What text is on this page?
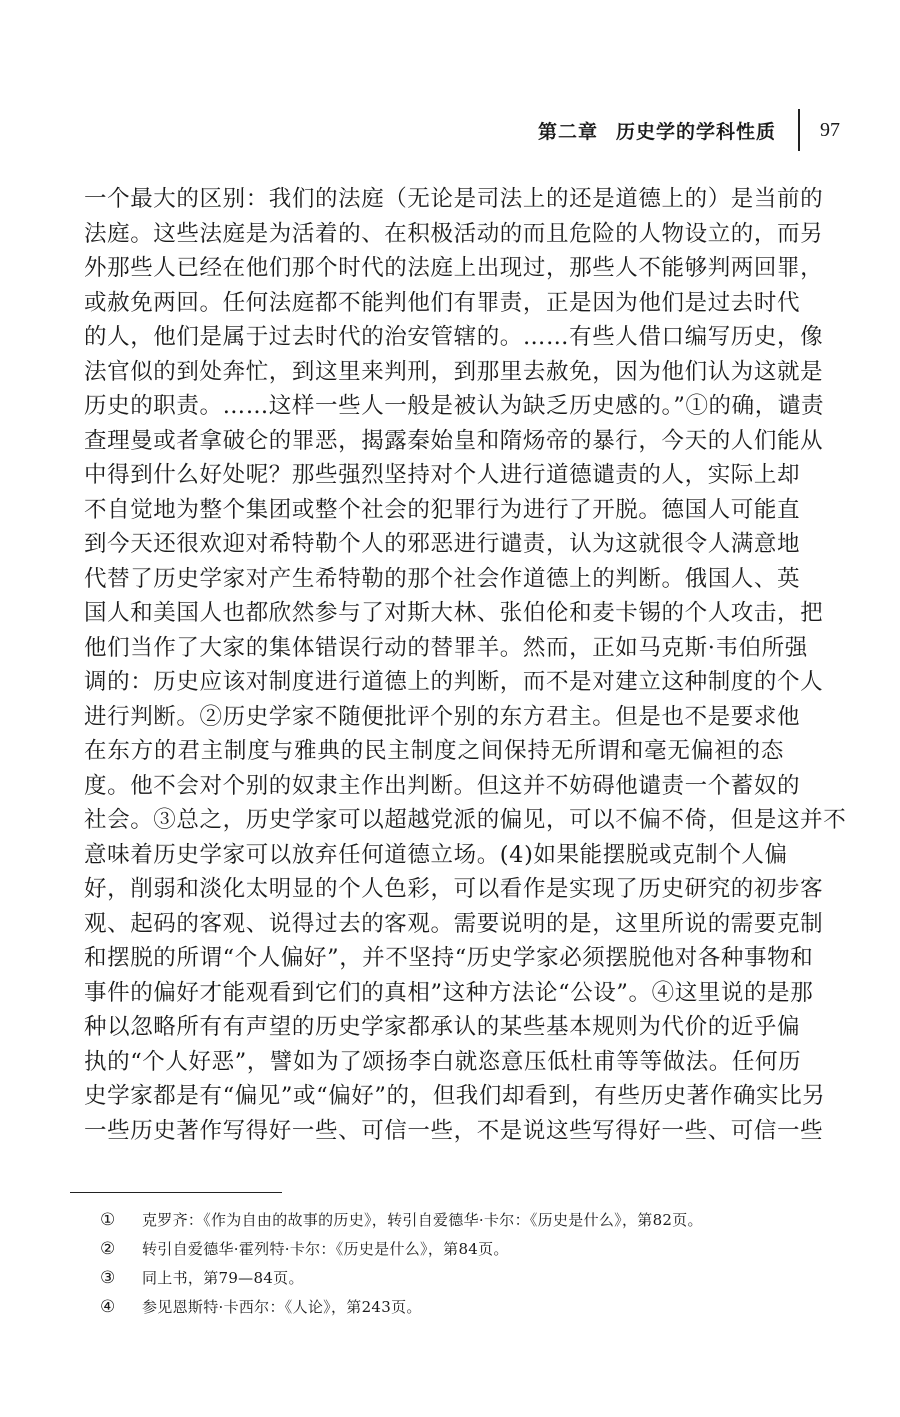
第二章 历史学的学科性质 97
一个最大的区别：我们的法庭（无论是司法上的还是道德上的）是当前的
法庭。这些法庭是为活着的、在积极活动的而且危险的人物设立的，而另
外那些人已经在他们那个时代的法庭上出现过，那些人不能够判两回罪，
或赦免两回。任何法庭都不能判他们有罪责，正是因为他们是过去时代
的人，他们是属于过去时代的治安管辖的。……有些人借口编写历史，像
法官似的到处奔忙，到这里来判刑，到那里去赦免，因为他们认为这就是
历史的职责。……这样一些人一般是被认为缺乏历史感的。”①的确，谴责
查理曼或者拿破仑的罪恶，揭露秦始皇和隋炀帝的暴行，今天的人们能从
中得到什么好处呢？那些强烈坚持对个人进行道德谴责的人，实际上却
不自觉地为整个集团或整个社会的犯罪行为进行了开脱。德国人可能直
到今天还很欢迎对希特勒个人的邪恶进行谴责，认为这就很令人满意地
代替了历史学家对产生希特勒的那个社会作道德上的判断。俄国人、英
国人和美国人也都欣然参与了对斯大林、张伯伦和麦卡锡的个人攻击，把
他们当作了大家的集体错误行动的替罪羊。然而，正如马克斯·韦伯所强
调的：历史应该对制度进行道德上的判断，而不是对建立这种制度的个人
进行判断。②历史学家不随便批评个别的东方君主。但是也不是要求他
在东方的君主制度与雅典的民主制度之间保持无所谓和毫无偏袒的态
度。他不会对个别的奴隶主作出判断。但这并不妨碍他谴责一个蓄奴的
社会。③总之，历史学家可以超越党派的偏见，可以不偏不倚，但是这并不
意味着历史学家可以放弃任何道德立场。(4)如果能摆脱或克制个人偏
好，削弱和淡化太明显的个人色彩，可以看作是实现了历史研究的初步客
观、起码的客观、说得过去的客观。需要说明的是，这里所说的需要克制
和摆脱的所谓“个人偏好”，并不坚持“历史学家必须摆脱他对各种事物和
事件的偏好才能观看到它们的真相”这种方法论“公设”。④这里说的是那
种以忽略所有有声望的历史学家都承认的某些基本规则为代价的近乎偏
执的“个人好恶”，譬如为了颂扬李白就恣意压低杜甫等等做法。任何历
史学家都是有“偏见”或“偏好”的，但我们却看到，有些历史著作确实比另
一些历史著作写得好一些、可信一些，不是说这些写得好一些、可信一些
①	克罗齐：《作为自由的故事的历史》，转引自爱德华·卡尔：《历史是什么》，第82页。
②	转引自爱德华·霍列特·卡尔：《历史是什么》，第84页。
③	同上书，第79—84页。
④	参见恩斯特·卡西尔：《人论》，第243页。
